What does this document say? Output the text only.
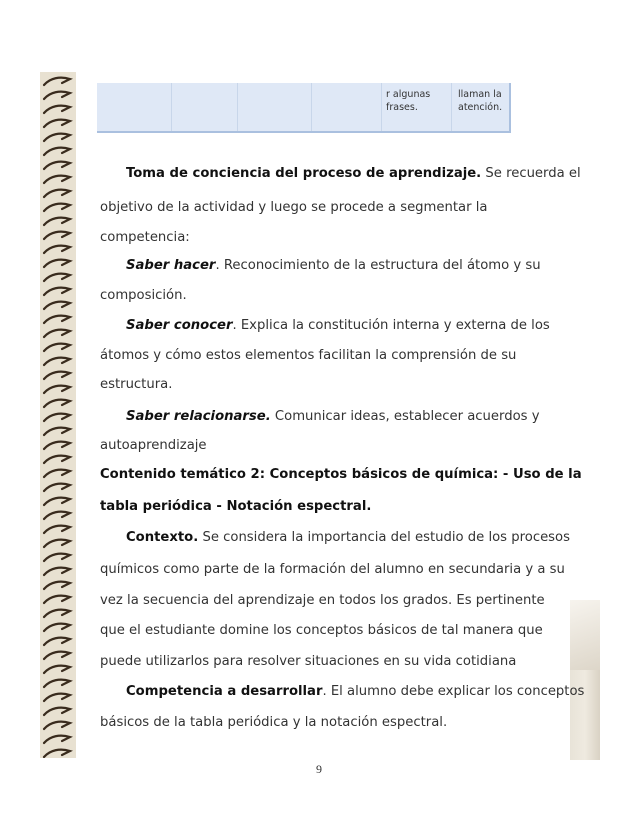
r algunas
frases.
llaman la
atención.
Toma de conciencia del proceso de aprendizaje. Se recuerda el
objetivo de la actividad y luego se procede a segmentar la
competencia:
Saber hacer. Reconocimiento de la estructura del átomo y su
composición.
Saber conocer. Explica la constitución interna y externa de los
átomos y cómo estos elementos facilitan la comprensión de su
estructura.
Saber relacionarse. Comunicar ideas, establecer acuerdos y
autoaprendizaje
Contenido temático 2: Conceptos básicos de química: - Uso de la
tabla periódica - Notación espectral.
Contexto. Se considera la importancia del estudio de los procesos
químicos como parte de la formación del alumno en secundaria y a su
vez la secuencia del aprendizaje en todos los grados. Es pertinente
que el estudiante domine los conceptos básicos de tal manera que
puede utilizarlos para resolver situaciones en su vida cotidiana
Competencia a desarrollar. El alumno debe explicar los conceptos
básicos de la tabla periódica y la notación espectral.
9
